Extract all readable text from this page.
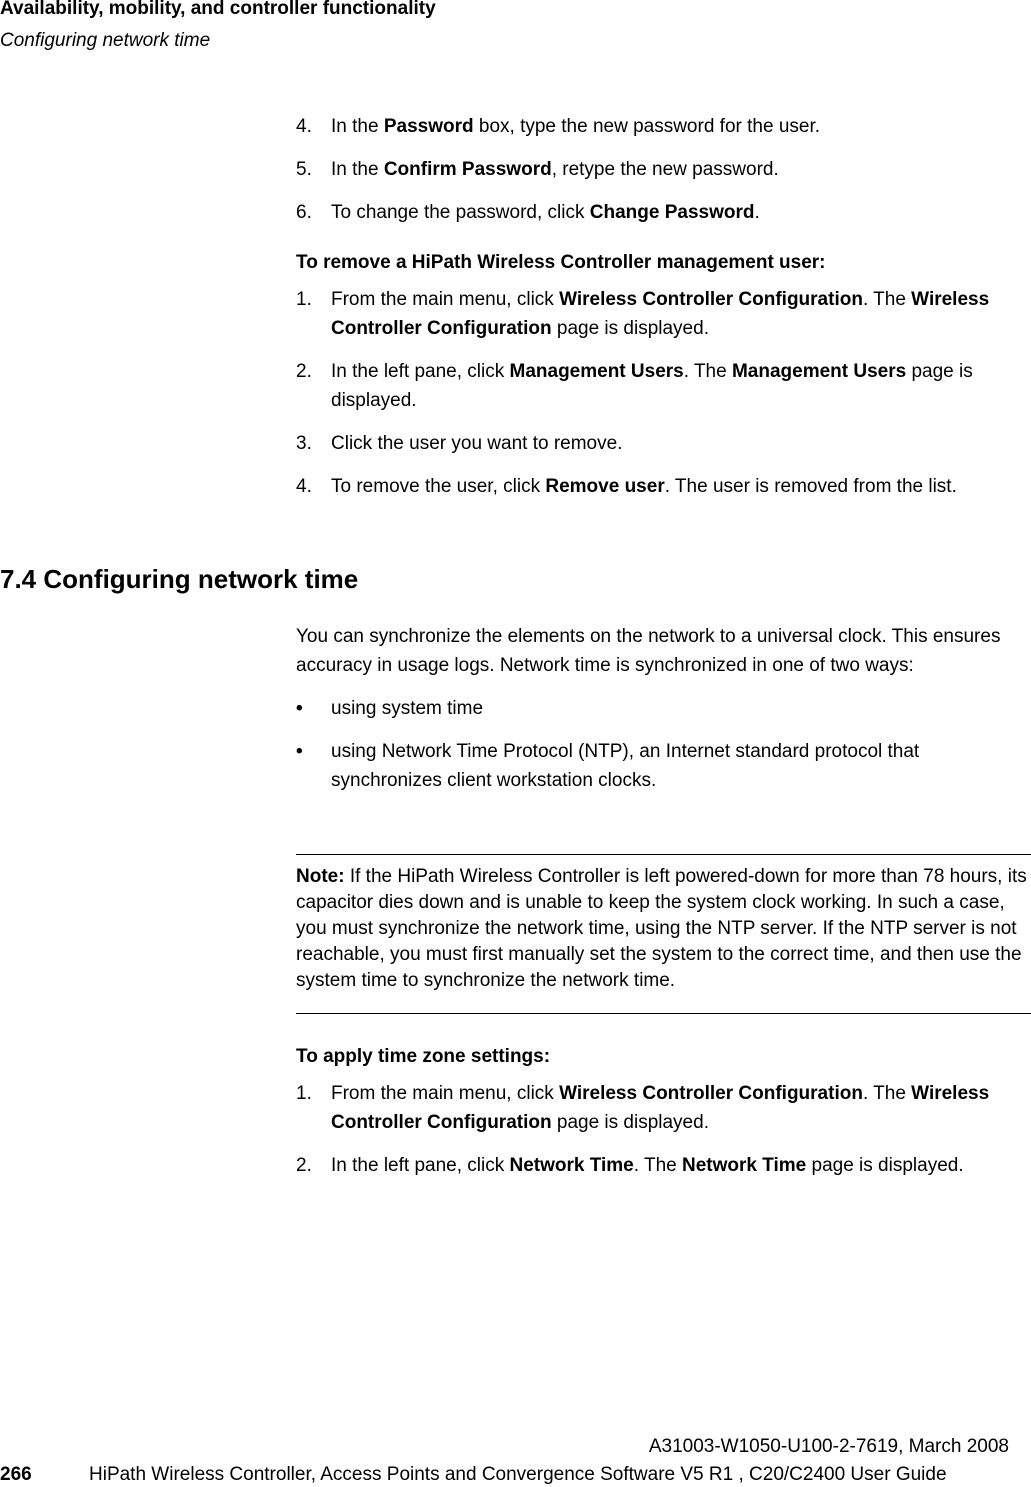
Availability, mobility, and controller functionality
Configuring network time
4. In the Password box, type the new password for the user.
5. In the Confirm Password, retype the new password.
6. To change the password, click Change Password.
To remove a HiPath Wireless Controller management user:
1. From the main menu, click Wireless Controller Configuration. The Wireless Controller Configuration page is displayed.
2. In the left pane, click Management Users. The Management Users page is displayed.
3. Click the user you want to remove.
4. To remove the user, click Remove user. The user is removed from the list.
7.4 Configuring network time
You can synchronize the elements on the network to a universal clock. This ensures accuracy in usage logs. Network time is synchronized in one of two ways:
• using system time
• using Network Time Protocol (NTP), an Internet standard protocol that synchronizes client workstation clocks.
Note: If the HiPath Wireless Controller is left powered-down for more than 78 hours, its capacitor dies down and is unable to keep the system clock working. In such a case, you must synchronize the network time, using the NTP server. If the NTP server is not reachable, you must first manually set the system to the correct time, and then use the system time to synchronize the network time.
To apply time zone settings:
1. From the main menu, click Wireless Controller Configuration. The Wireless Controller Configuration page is displayed.
2. In the left pane, click Network Time. The Network Time page is displayed.
A31003-W1050-U100-2-7619, March 2008
266	HiPath Wireless Controller, Access Points and Convergence Software V5 R1 , C20/C2400 User Guide
